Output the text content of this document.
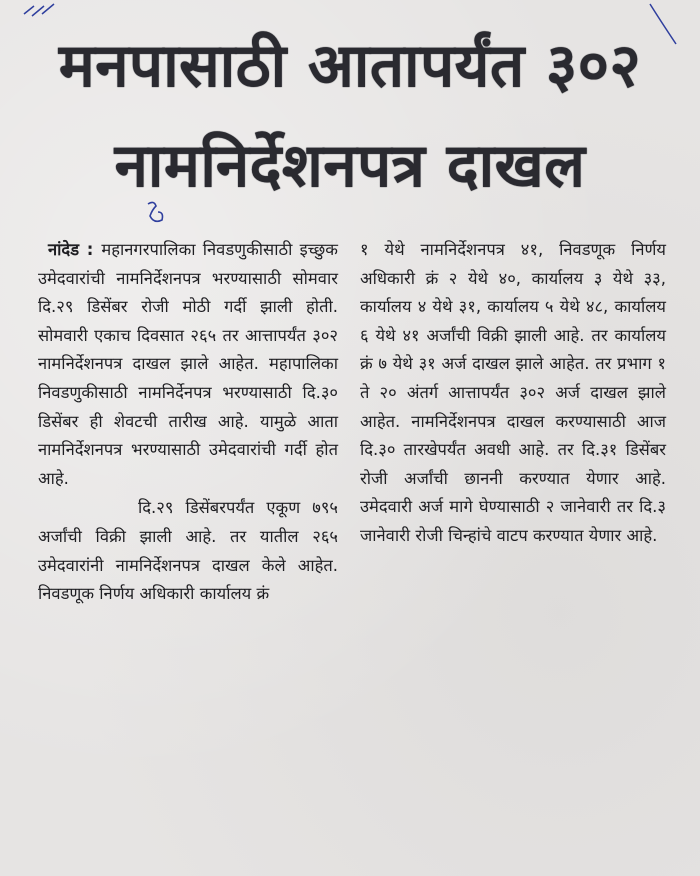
मनपासाठी आतापर्यंत ३०२
नामनिर्देशनपत्र दाखल

नांदेड : महानगरपालिका निवडणुकीसाठी इच्छुक उमेदवारांची नामनिर्देशनपत्र भरण्यासाठी सोमवार दि.२९ डिसेंबर रोजी मोठी गर्दी झाली होती. सोमवारी एकाच दिवसात २६५ तर आत्तापर्यंत ३०२ नामनिर्देशनपत्र दाखल झाले आहेत. महापालिका निवडणुकीसाठी नामनिर्देनपत्र भरण्यासाठी दि.३० डिसेंबर ही शेवटची तारीख आहे. यामुळे आता नामनिर्देशनपत्र भरण्यासाठी उमेदवारांची गर्दी होत आहे.

दि.२९ डिसेंबरपर्यंत एकूण ७९५ अर्जांची विक्री झाली आहे. तर यातील २६५ उमेदवारांनी नामनिर्देशनपत्र दाखल केले आहेत. निवडणूक निर्णय अधिकारी कार्यालय क्रं

१ येथे नामनिर्देशनपत्र ४१, निवडणूक निर्णय अधिकारी क्रं २ येथे ४०, कार्यालय ३ येथे ३३, कार्यालय ४ येथे ३१, कार्यालय ५ येथे ४८, कार्यालय ६ येथे ४१ अर्जांची विक्री झाली आहे. तर कार्यालय क्रं ७ येथे ३१ अर्ज दाखल झाले आहेत. तर प्रभाग १ ते २० अंतर्ग आत्तापर्यंत ३०२ अर्ज दाखल झाले आहेत. नामनिर्देशनपत्र दाखल करण्यासाठी आज दि.३० तारखेपर्यंत अवधी आहे. तर दि.३१ डिसेंबर रोजी अर्जांची छाननी करण्यात येणार आहे. उमेदवारी अर्ज मागे घेण्यासाठी २ जानेवारी तर दि.३ जानेवारी रोजी चिन्हांचे वाटप करण्यात येणार आहे.
